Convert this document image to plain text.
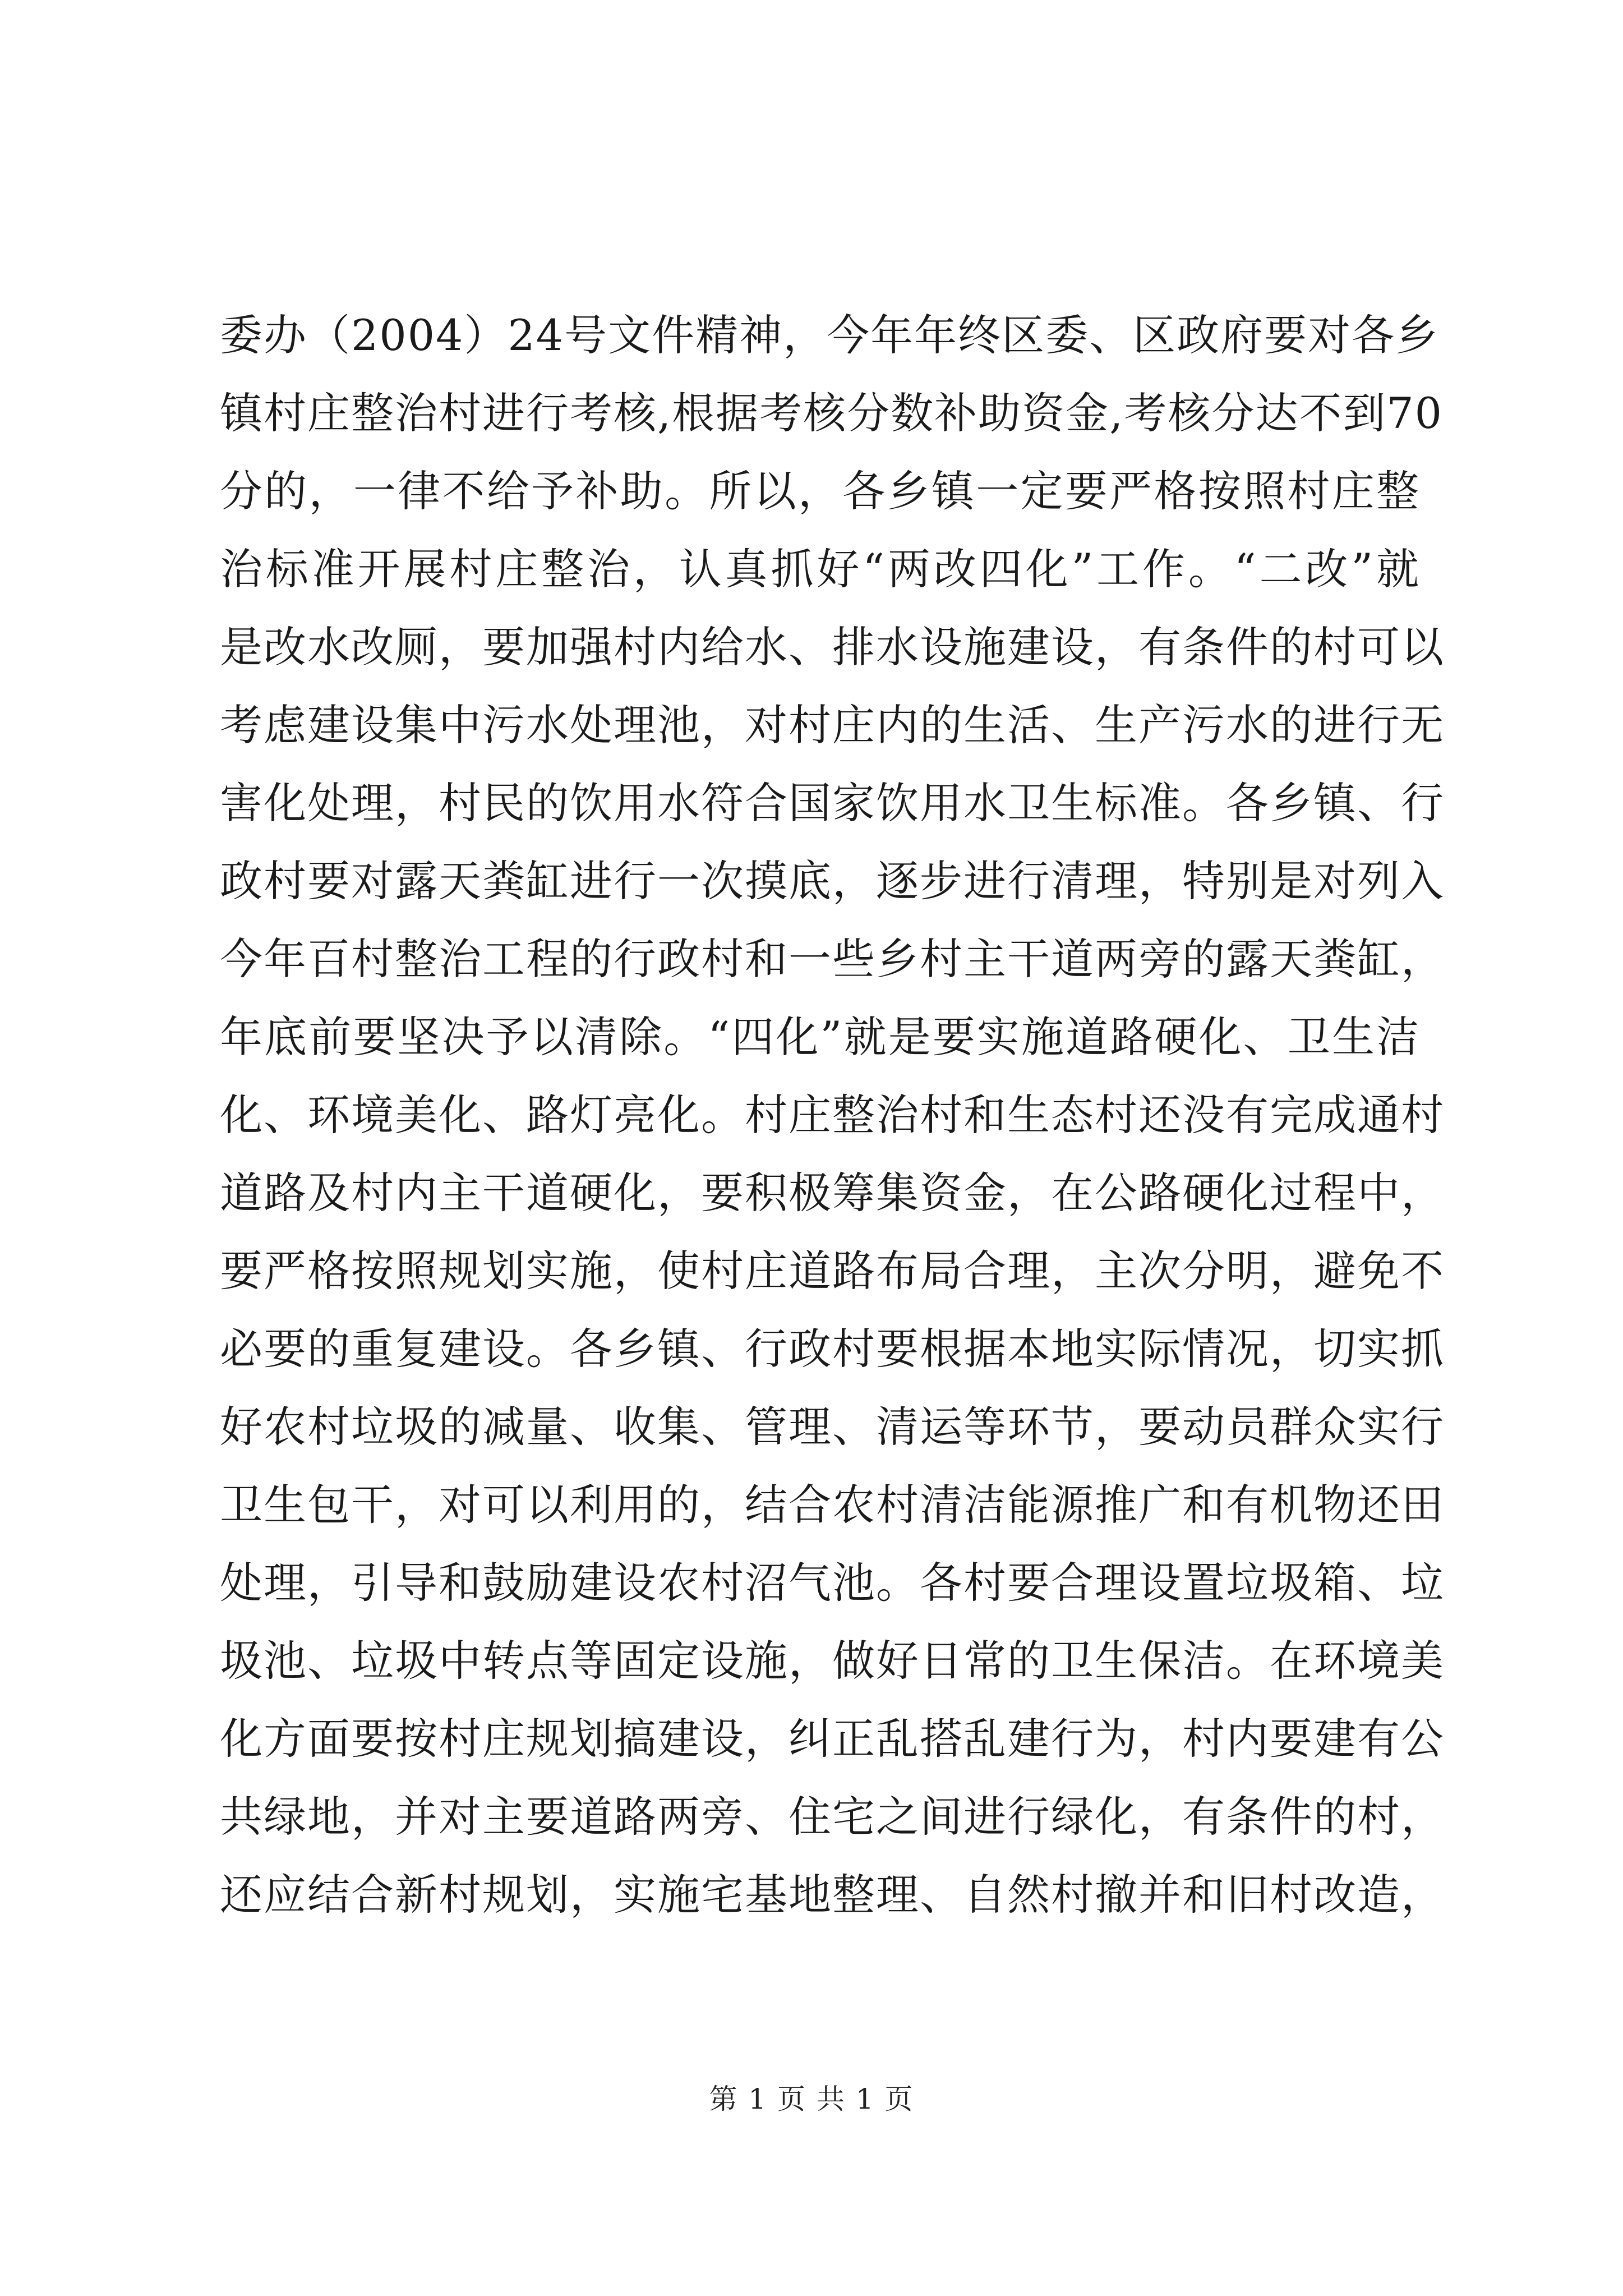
委办（2004）24号文件精神，今年年终区委、区政府要对各乡
镇村庄整治村进行考核,根据考核分数补助资金,考核分达不到70
分的，一律不给予补助。所以，各乡镇一定要严格按照村庄整
治标准开展村庄整治，认真抓好“两改四化”工作。“二改”就
是改水改厕，要加强村内给水、排水设施建设，有条件的村可以
考虑建设集中污水处理池，对村庄内的生活、生产污水的进行无
害化处理，村民的饮用水符合国家饮用水卫生标准。各乡镇、行
政村要对露天粪缸进行一次摸底，逐步进行清理，特别是对列入
今年百村整治工程的行政村和一些乡村主干道两旁的露天粪缸，
年底前要坚决予以清除。“四化”就是要实施道路硬化、卫生洁
化、环境美化、路灯亮化。村庄整治村和生态村还没有完成通村
道路及村内主干道硬化，要积极筹集资金，在公路硬化过程中，
要严格按照规划实施，使村庄道路布局合理，主次分明，避免不
必要的重复建设。各乡镇、行政村要根据本地实际情况，切实抓
好农村垃圾的减量、收集、管理、清运等环节，要动员群众实行
卫生包干，对可以利用的，结合农村清洁能源推广和有机物还田
处理，引导和鼓励建设农村沼气池。各村要合理设置垃圾箱、垃
圾池、垃圾中转点等固定设施，做好日常的卫生保洁。在环境美
化方面要按村庄规划搞建设，纠正乱搭乱建行为，村内要建有公
共绿地，并对主要道路两旁、住宅之间进行绿化，有条件的村，
还应结合新村规划，实施宅基地整理、自然村撤并和旧村改造，
第 1 页 共 1 页
